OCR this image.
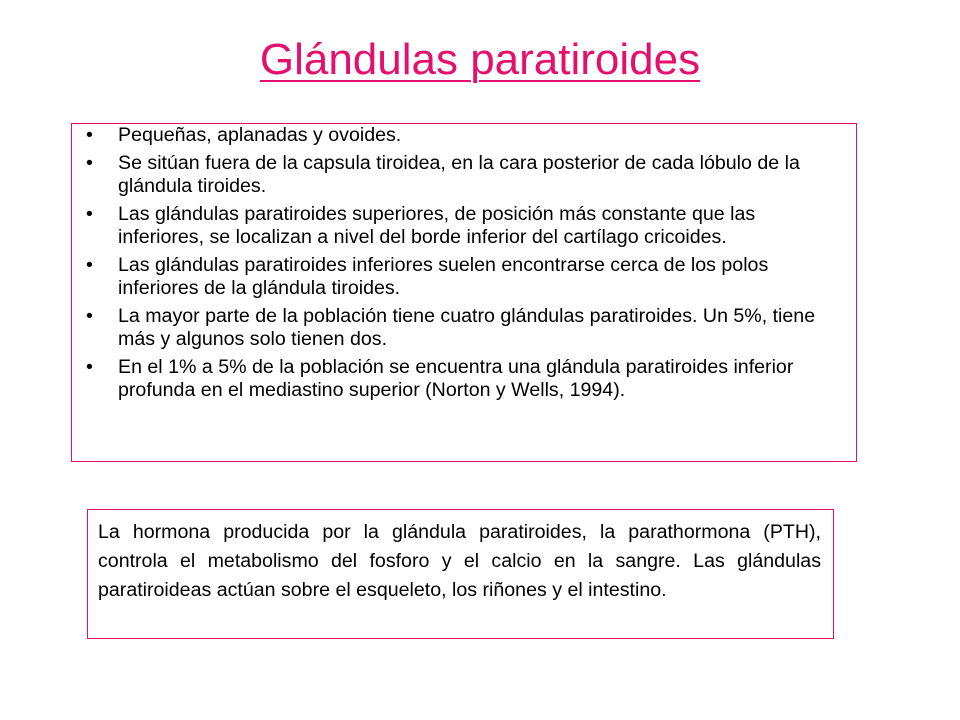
Glándulas paratiroides
• Pequeñas, aplanadas y ovoides.
• Se sitúan fuera de la capsula tiroidea, en la cara posterior de cada lóbulo de la glándula tiroides.
• Las glándulas paratiroides superiores, de posición más constante que las inferiores, se localizan a nivel del borde inferior del cartílago cricoides.
• Las glándulas paratiroides inferiores suelen encontrarse cerca de los polos inferiores de la glándula tiroides.
• La mayor parte de la población tiene cuatro glándulas paratiroides. Un 5%, tiene más y algunos solo tienen dos.
• En el 1% a 5% de la población se encuentra una glándula paratiroides inferior profunda en el mediastino superior (Norton y Wells, 1994).
La hormona producida por la glándula paratiroides, la parathormona (PTH), controla el metabolismo del fosforo y el calcio en la sangre. Las glándulas paratiroideas actúan sobre el esqueleto, los riñones y el intestino.
